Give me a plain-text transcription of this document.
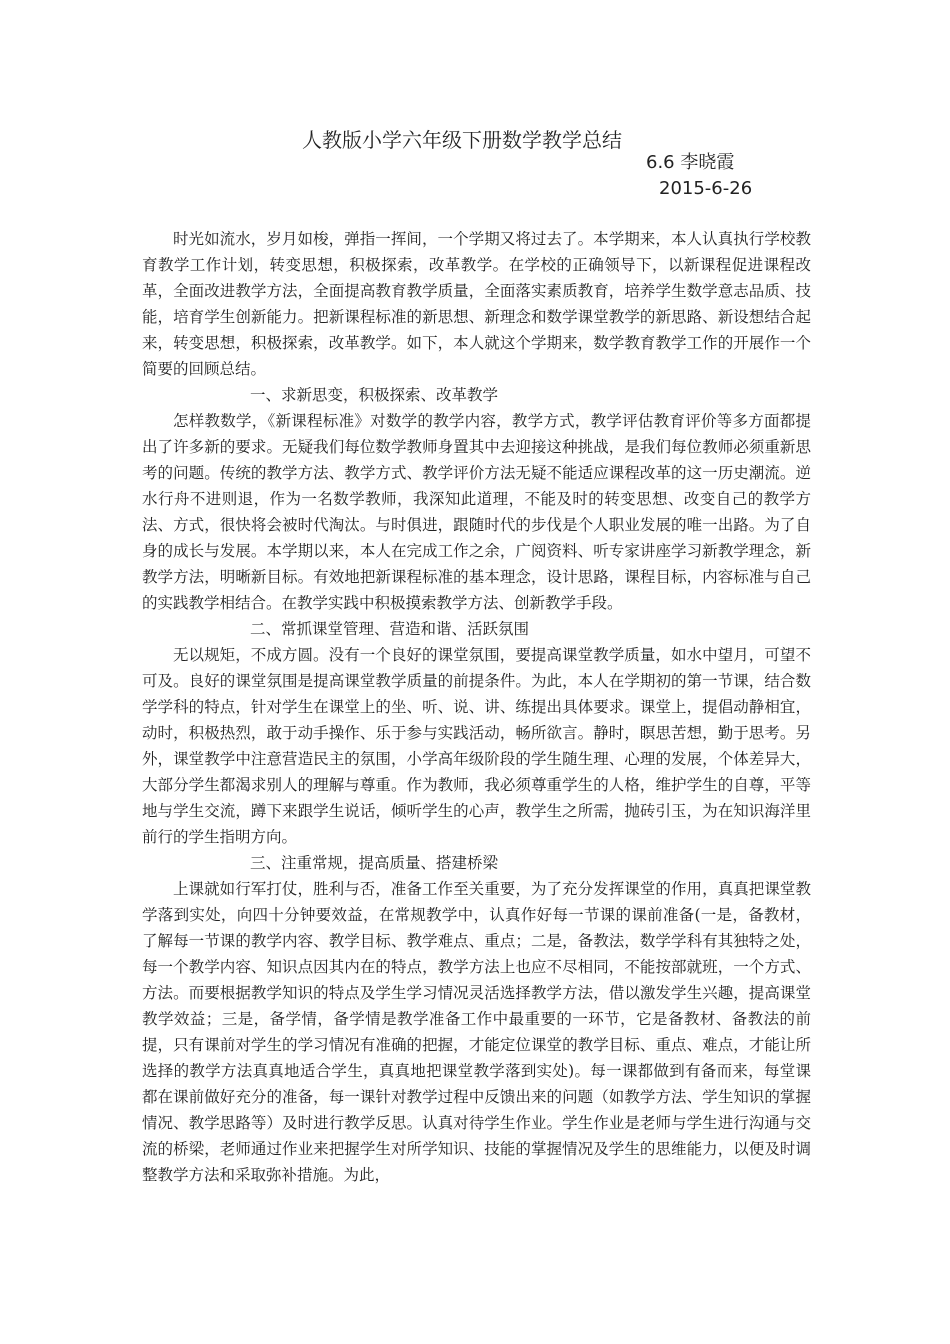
人教版小学六年级下册数学教学总结
6.6 李晓霞
2015-6-26

时光如流水，岁月如梭，弹指一挥间，一个学期又将过去了。本学期来，本人认真执行学校教育教学工作计划，转变思想，积极探索，改革教学。在学校的正确领导下，以新课程促进课程改革，全面改进教学方法，全面提高教育教学质量，全面落实素质教育，培养学生数学意志品质、技能，培育学生创新能力。把新课程标准的新思想、新理念和数学课堂教学的新思路、新设想结合起来，转变思想，积极探索，改革教学。如下，本人就这个学期来，数学教育教学工作的开展作一个简要的回顾总结。

一、求新思变，积极探索、改革教学

怎样教数学，《新课程标准》对数学的教学内容，教学方式，教学评估教育评价等多方面都提出了许多新的要求。无疑我们每位数学教师身置其中去迎接这种挑战，是我们每位教师必须重新思考的问题。传统的教学方法、教学方式、教学评价方法无疑不能适应课程改革的这一历史潮流。逆水行舟不进则退，作为一名数学教师，我深知此道理，不能及时的转变思想、改变自己的教学方法、方式，很快将会被时代淘汰。与时俱进，跟随时代的步伐是个人职业发展的唯一出路。为了自身的成长与发展。本学期以来，本人在完成工作之余，广阅资料、听专家讲座学习新教学理念，新教学方法，明晰新目标。有效地把新课程标准的基本理念，设计思路，课程目标，内容标准与自己的实践教学相结合。在教学实践中积极摸索教学方法、创新教学手段。

二、常抓课堂管理、营造和谐、活跃氛围

无以规矩，不成方圆。没有一个良好的课堂氛围，要提高课堂教学质量，如水中望月，可望不可及。良好的课堂氛围是提高课堂教学质量的前提条件。为此，本人在学期初的第一节课，结合数学学科的特点，针对学生在课堂上的坐、听、说、讲、练提出具体要求。课堂上，提倡动静相宜，动时，积极热烈，敢于动手操作、乐于参与实践活动，畅所欲言。静时，瞑思苦想，勤于思考。另外，课堂教学中注意营造民主的氛围，小学高年级阶段的学生随生理、心理的发展，个体差异大，大部分学生都渴求别人的理解与尊重。作为教师，我必须尊重学生的人格，维护学生的自尊，平等地与学生交流，蹲下来跟学生说话，倾听学生的心声，教学生之所需，抛砖引玉，为在知识海洋里前行的学生指明方向。

三、注重常规，提高质量、搭建桥梁

上课就如行军打仗，胜利与否，准备工作至关重要，为了充分发挥课堂的作用，真真把课堂教学落到实处，向四十分钟要效益，在常规教学中，认真作好每一节课的课前准备(一是，备教材，了解每一节课的教学内容、教学目标、教学难点、重点；二是，备教法，数学学科有其独特之处，每一个教学内容、知识点因其内在的特点，教学方法上也应不尽相同，不能按部就班，一个方式、方法。而要根据教学知识的特点及学生学习情况灵活选择教学方法，借以激发学生兴趣，提高课堂教学效益；三是，备学情，备学情是教学准备工作中最重要的一环节，它是备教材、备教法的前提，只有课前对学生的学习情况有准确的把握，才能定位课堂的教学目标、重点、难点，才能让所选择的教学方法真真地适合学生，真真地把课堂教学落到实处)。每一课都做到有备而来，每堂课都在课前做好充分的准备，每一课针对教学过程中反馈出来的问题（如教学方法、学生知识的掌握情况、教学思路等）及时进行教学反思。认真对待学生作业。学生作业是老师与学生进行沟通与交流的桥梁，老师通过作业来把握学生对所学知识、技能的掌握情况及学生的思维能力，以便及时调整教学方法和采取弥补措施。为此，
